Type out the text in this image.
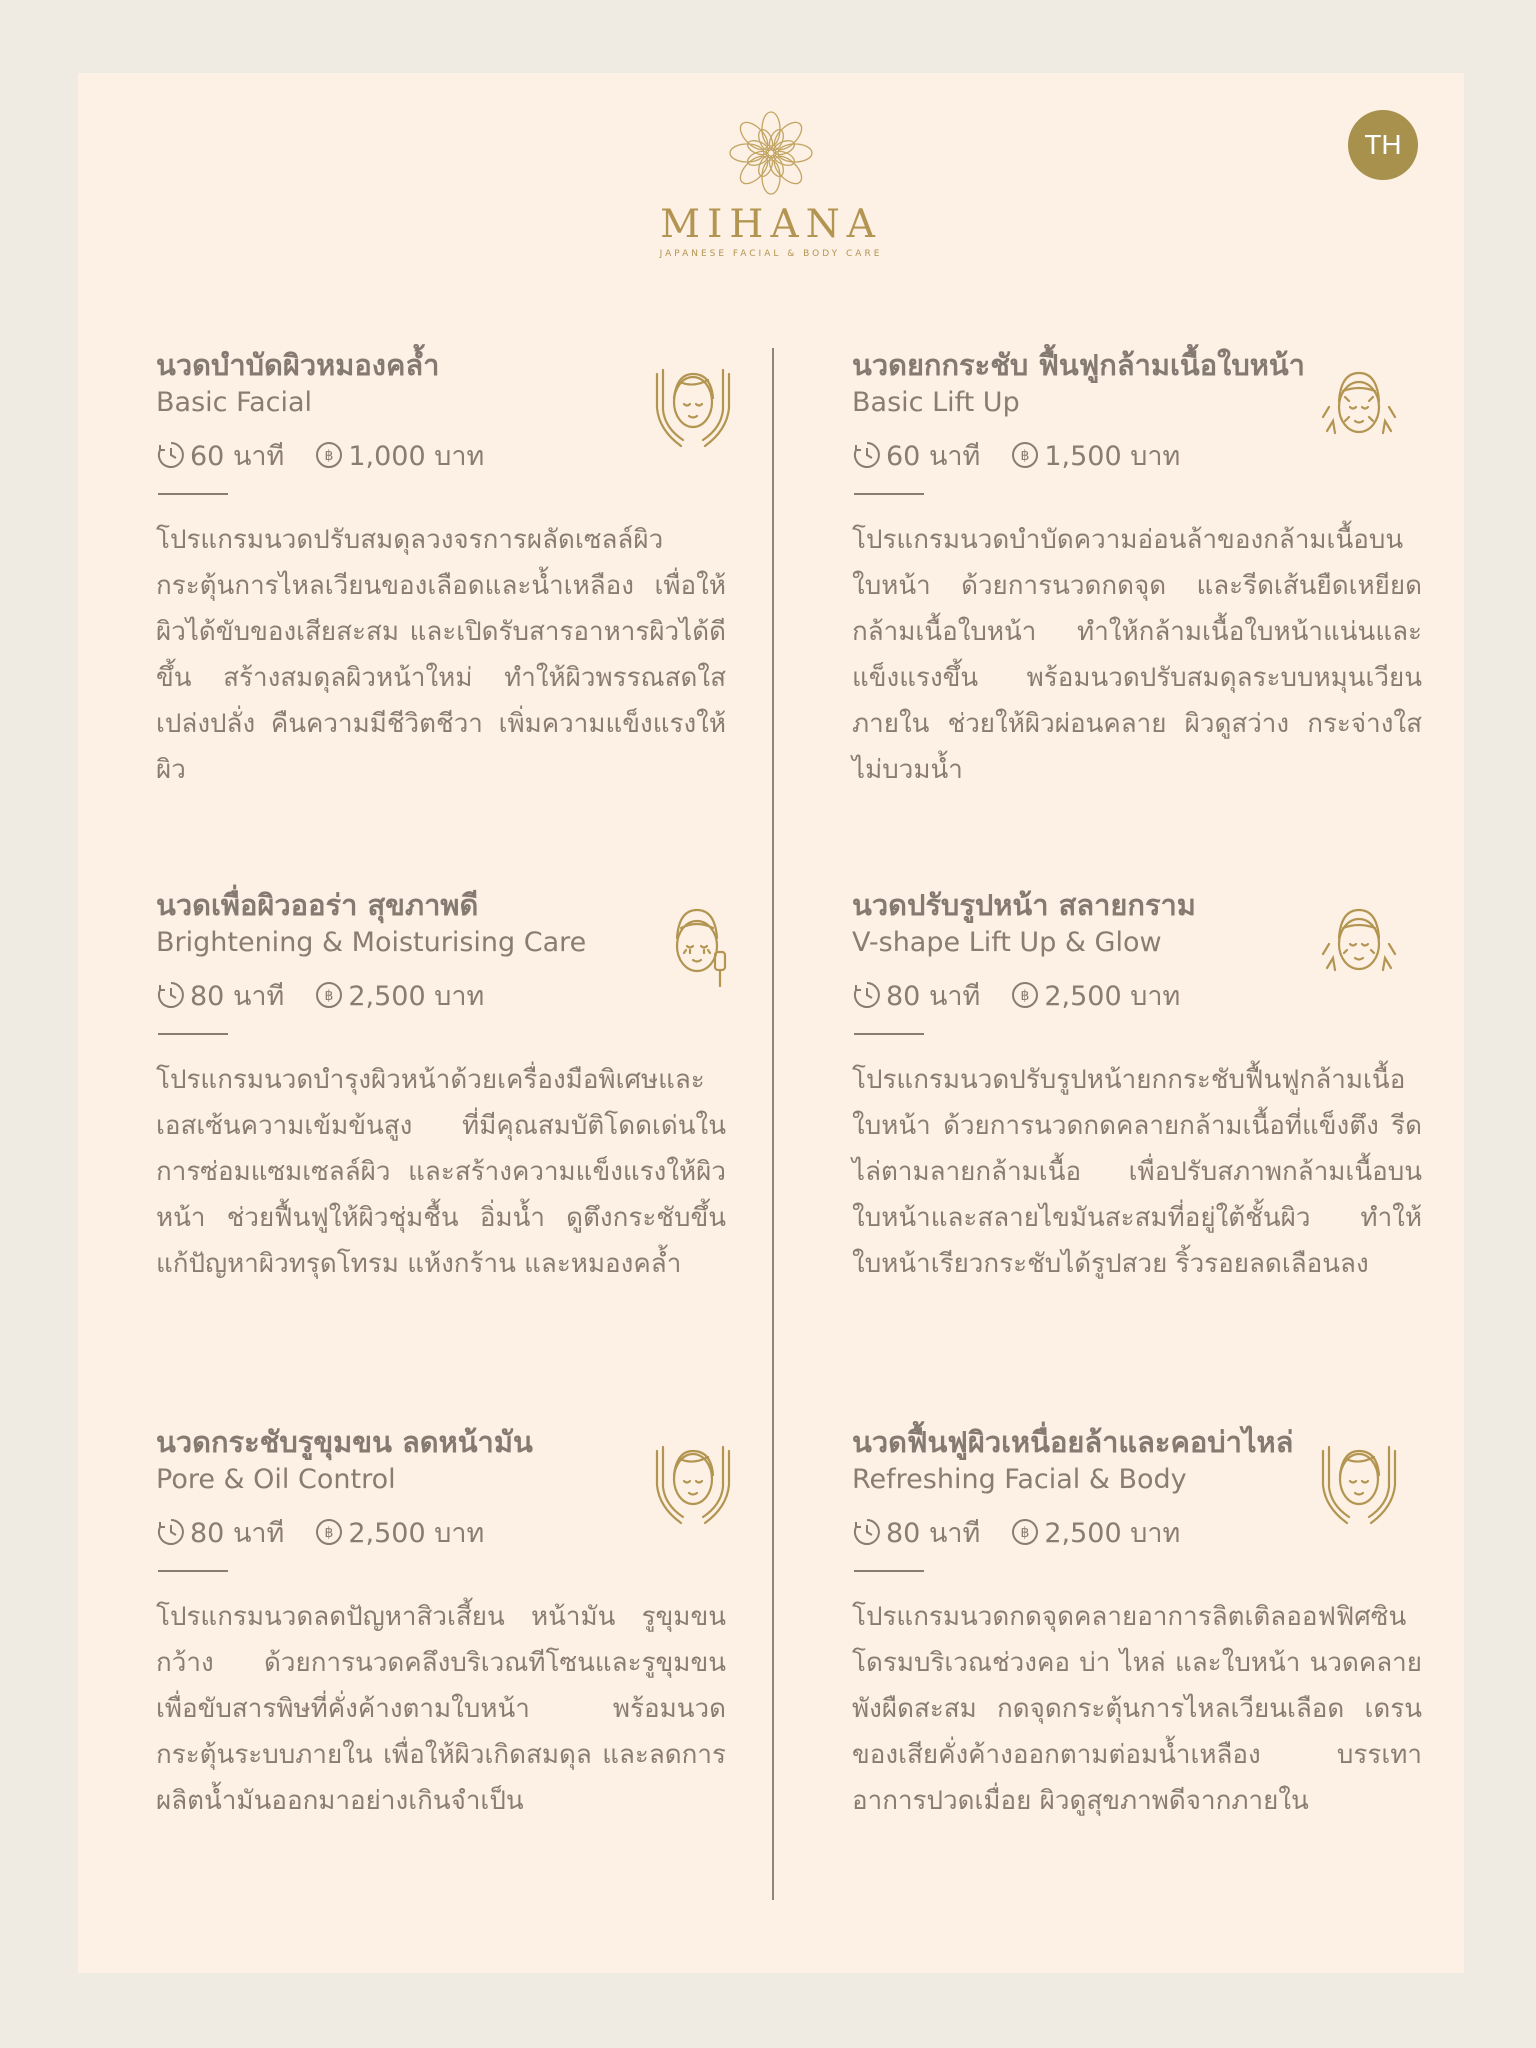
MIHANA
JAPANESE FACIAL & BODY CARE
TH
นวดบำบัดผิวหมองคล้ำ
Basic Facial
60 นาที	฿ 1,000 บาท
โปรแกรมนวดปรับสมดุลวงจรการผลัดเซลล์ผิว กระตุ้นการไหลเวียนของเลือดและน้ำเหลือง เพื่อให้ผิวได้ขับของเสียสะสม และเปิดรับสารอาหารผิวได้ดีขึ้น สร้างสมดุลผิวหน้าใหม่ ทำให้ผิวพรรณสดใสเปล่งปลั่ง คืนความมีชีวิตชีวา เพิ่มความแข็งแรงให้ผิว
นวดยกกระชับ ฟื้นฟูกล้ามเนื้อใบหน้า
Basic Lift Up
60 นาที	฿ 1,500 บาท
โปรแกรมนวดบำบัดความอ่อนล้าของกล้ามเนื้อบนใบหน้า ด้วยการนวดกดจุด และรีดเส้นยืดเหยียดกล้ามเนื้อใบหน้า ทำให้กล้ามเนื้อใบหน้าแน่นและแข็งแรงขึ้น พร้อมนวดปรับสมดุลระบบหมุนเวียนภายใน ช่วยให้ผิวผ่อนคลาย ผิวดูสว่าง กระจ่างใส ไม่บวมน้ำ
นวดเพื่อผิวออร่า สุขภาพดี
Brightening & Moisturising Care
80 นาที	฿ 2,500 บาท
โปรแกรมนวดบำรุงผิวหน้าด้วยเครื่องมือพิเศษและเอสเซ้นความเข้มข้นสูง ที่มีคุณสมบัติโดดเด่นในการซ่อมแซมเซลล์ผิว และสร้างความแข็งแรงให้ผิวหน้า ช่วยฟื้นฟูให้ผิวชุ่มชื้น อิ่มน้ำ ดูตึงกระชับขึ้น แก้ปัญหาผิวทรุดโทรม แห้งกร้าน และหมองคล้ำ
นวดปรับรูปหน้า สลายกราม
V-shape Lift Up & Glow
80 นาที	฿ 2,500 บาท
โปรแกรมนวดปรับรูปหน้ายกกระชับฟื้นฟูกล้ามเนื้อใบหน้า ด้วยการนวดกดคลายกล้ามเนื้อที่แข็งตึง รีดไล่ตามลายกล้ามเนื้อ เพื่อปรับสภาพกล้ามเนื้อบนใบหน้าและสลายไขมันสะสมที่อยู่ใต้ชั้นผิว ทำให้ใบหน้าเรียวกระชับได้รูปสวย ริ้วรอยลดเลือนลง
นวดกระชับรูขุมขน ลดหน้ามัน
Pore & Oil Control
80 นาที	฿ 2,500 บาท
โปรแกรมนวดลดปัญหาสิวเสี้ยน หน้ามัน รูขุมขนกว้าง ด้วยการนวดคลึงบริเวณทีโซนและรูขุมขน เพื่อขับสารพิษที่คั่งค้างตามใบหน้า พร้อมนวดกระตุ้นระบบภายใน เพื่อให้ผิวเกิดสมดุล และลดการผลิตน้ำมันออกมาอย่างเกินจำเป็น
นวดฟื้นฟูผิวเหนื่อยล้าและคอบ่าไหล่
Refreshing Facial & Body
80 นาที	฿ 2,500 บาท
โปรแกรมนวดกดจุดคลายอาการลิตเติลออฟฟิศซินโดรมบริเวณช่วงคอ บ่า ไหล่ และใบหน้า นวดคลายพังผืดสะสม กดจุดกระตุ้นการไหลเวียนเลือด เดรนของเสียคั่งค้างออกตามต่อมน้ำเหลือง บรรเทาอาการปวดเมื่อย ผิวดูสุขภาพดีจากภายใน
